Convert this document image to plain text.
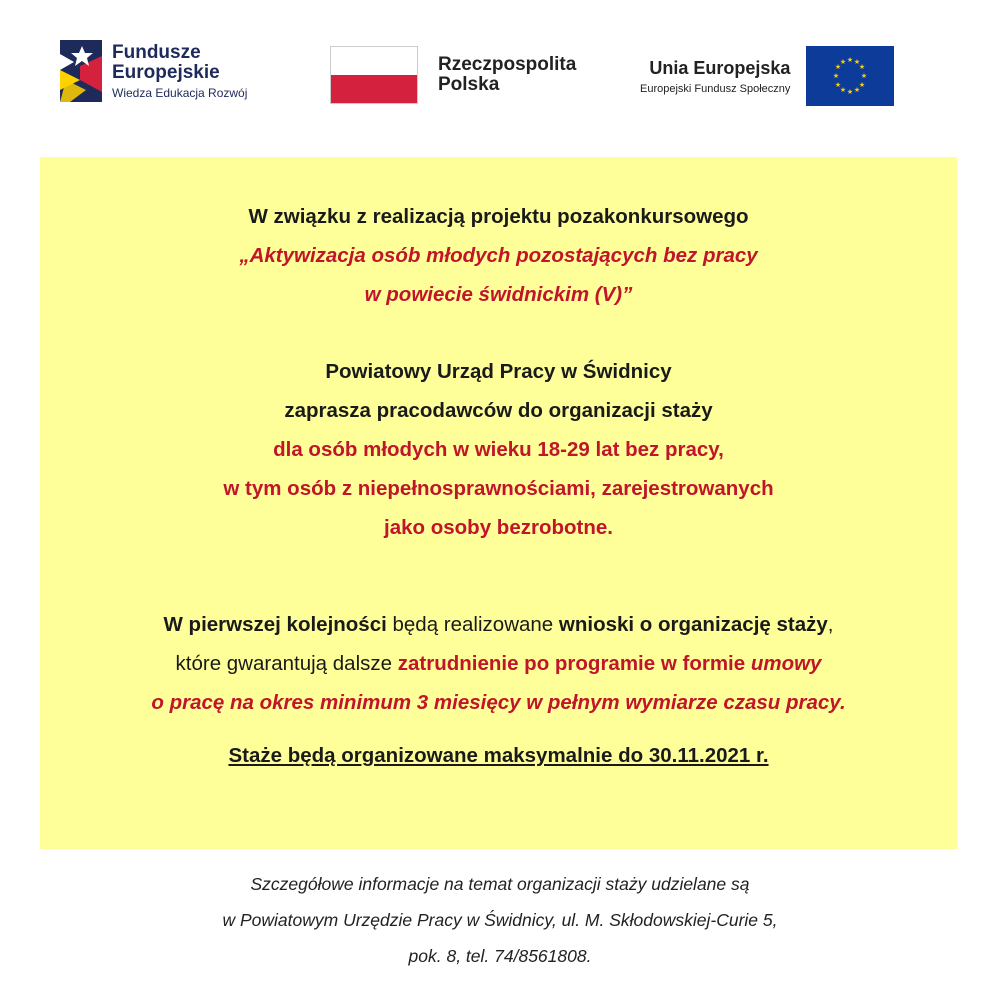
Fundusze
Europejskie
Wiedza Edukacja Rozwój
Rzeczpospolita
Polska
Unia Europejska
Europejski Fundusz Społeczny
★ ★
★
★
★
★
★
★
★
★
★
★
W związku z realizacją projektu pozakonkursowego
„Aktywizacja osób młodych pozostających bez pracy
w powiecie świdnickim (V)”
Powiatowy Urząd Pracy w Świdnicy
zaprasza pracodawców do organizacji staży
dla osób młodych w wieku 18-29 lat bez pracy,
w tym osób z niepełnosprawnościami, zarejestrowanych
jako osoby bezrobotne.
W pierwszej kolejności będą realizowane wnioski o organizację staży,
które gwarantują dalsze zatrudnienie po programie w formie umowy
o pracę na okres minimum 3 miesięcy w pełnym wymiarze czasu pracy.
Staże będą organizowane maksymalnie do 30.11.2021 r.
Szczegółowe informacje na temat organizacji staży udzielane są
w Powiatowym Urzędzie Pracy w Świdnicy, ul. M. Skłodowskiej-Curie 5,
pok. 8, tel. 74/8561808.
